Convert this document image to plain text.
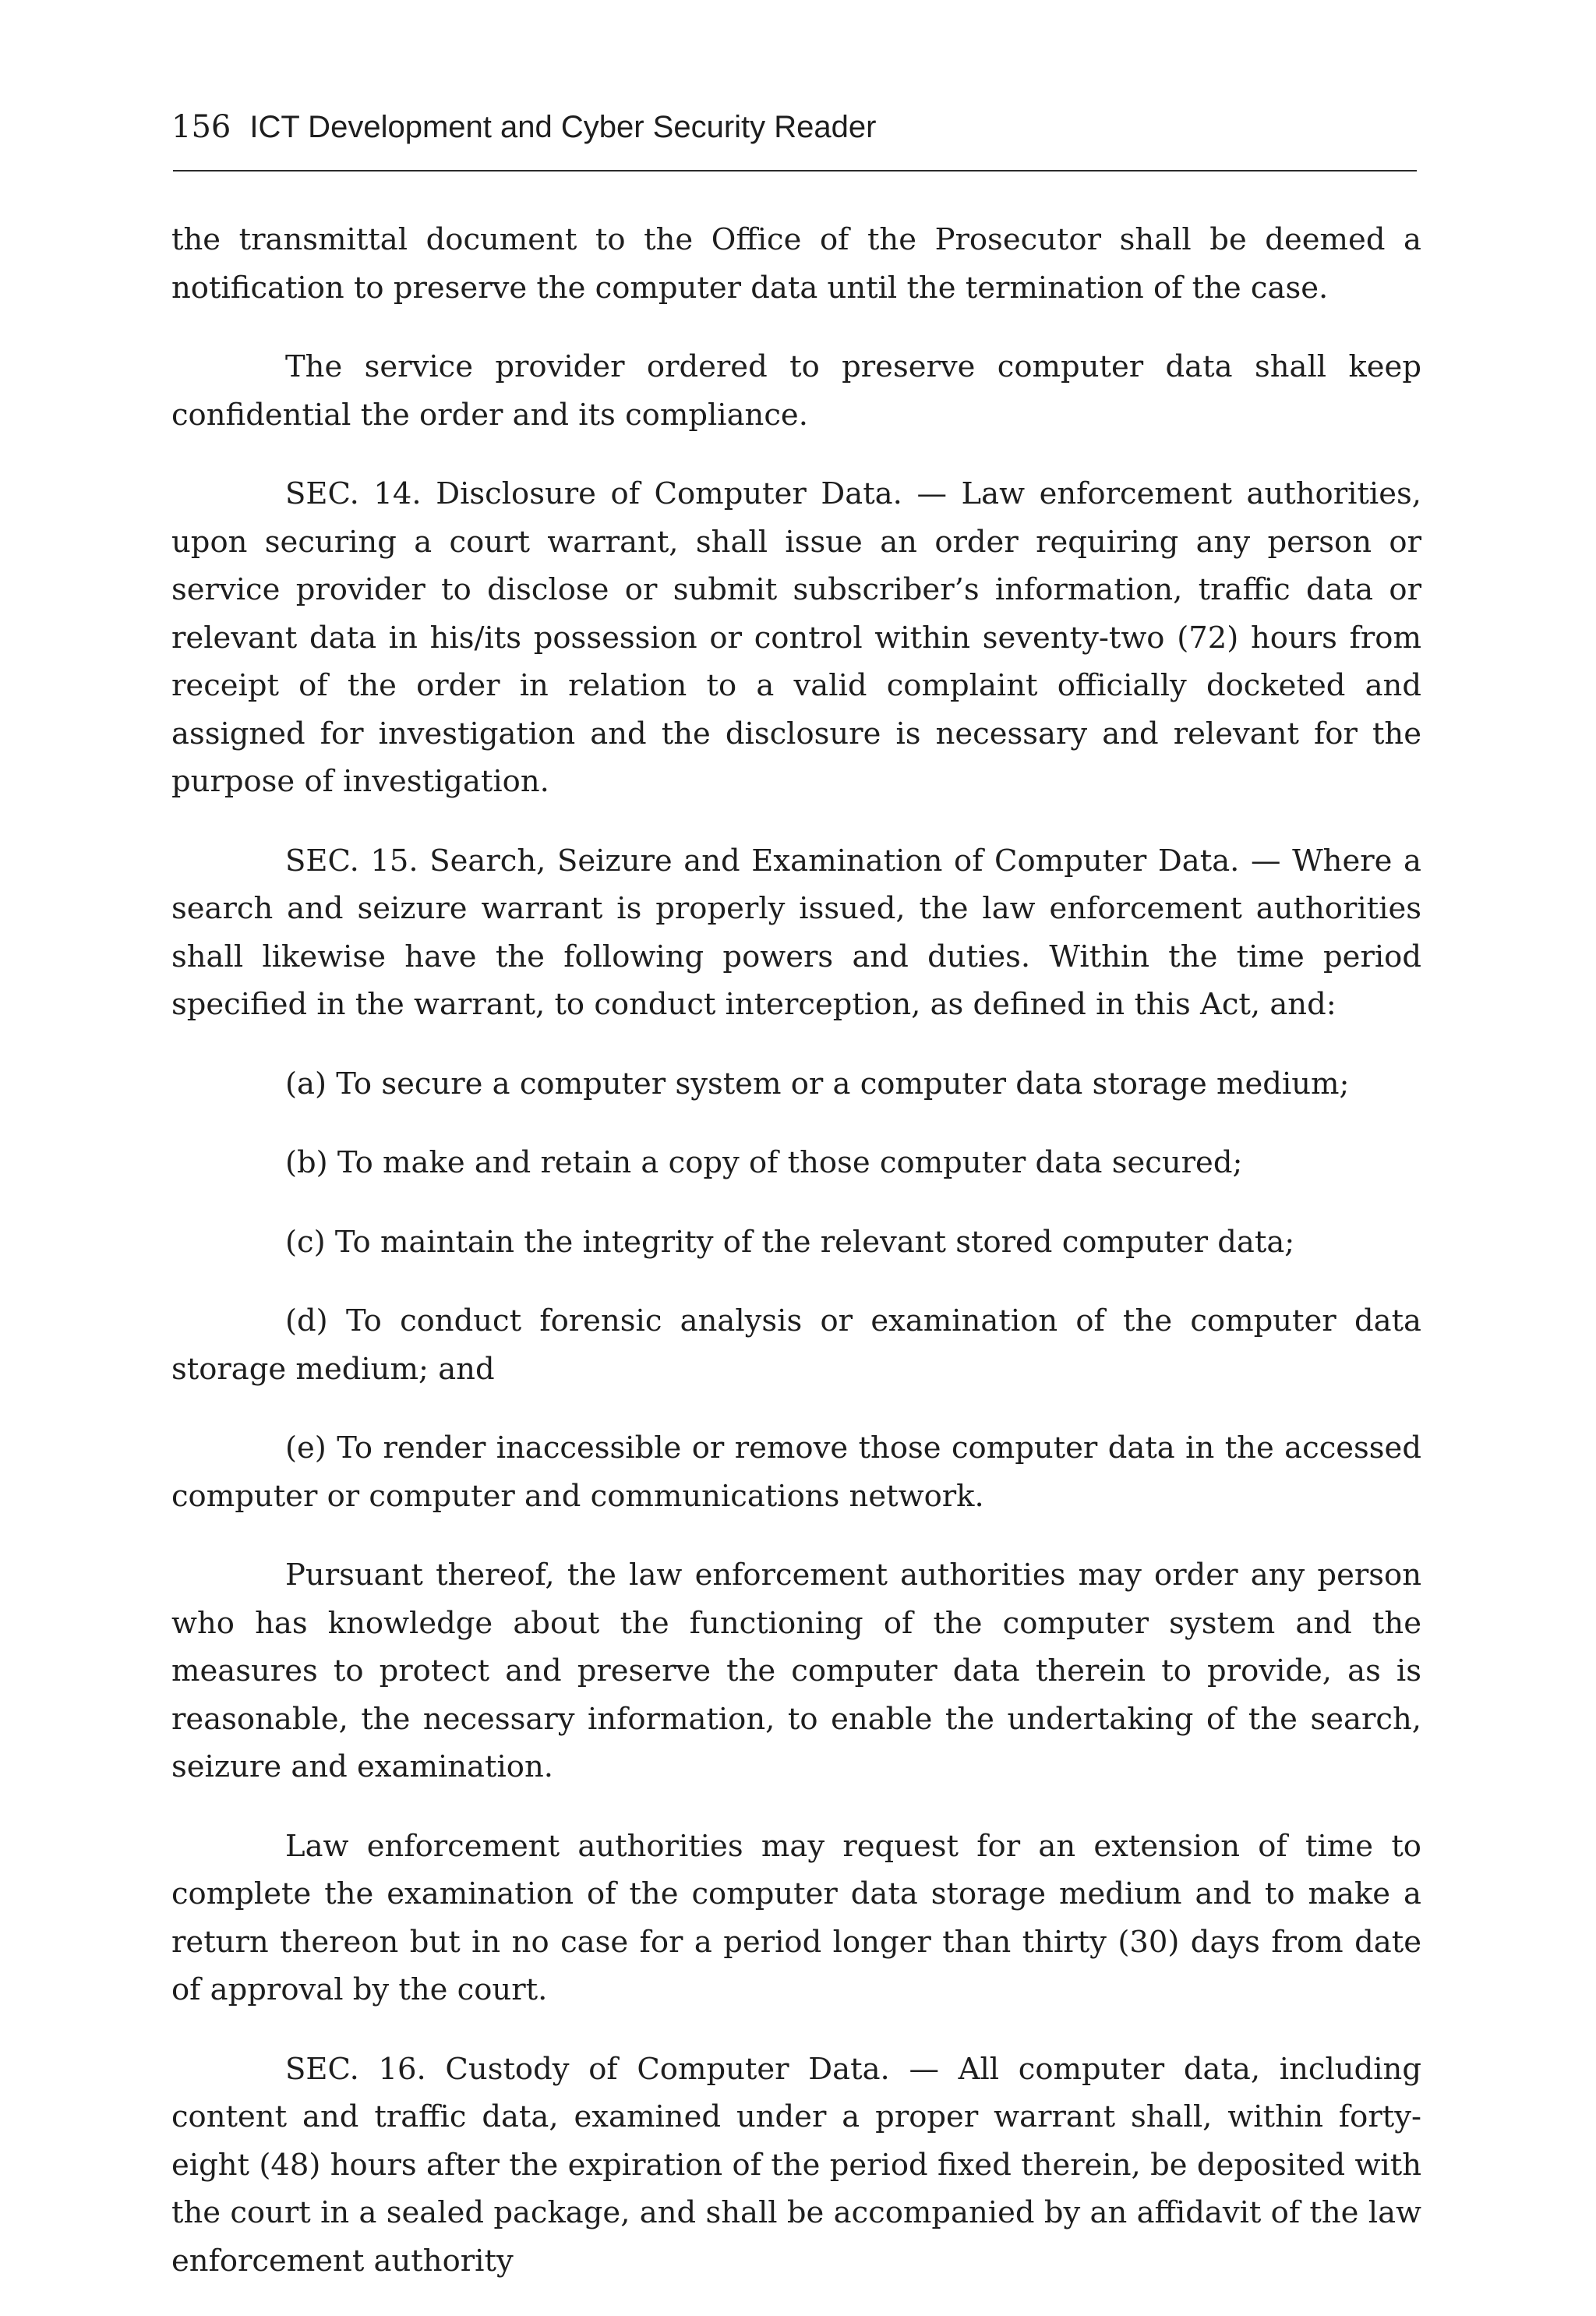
156 ICT Development and Cyber Security Reader

the transmittal document to the Office of the Prosecutor shall be deemed a notification to preserve the computer data until the termination of the case.

The service provider ordered to preserve computer data shall keep confidential the order and its compliance.

SEC. 14. Disclosure of Computer Data. — Law enforcement authorities, upon securing a court warrant, shall issue an order requiring any person or service provider to disclose or submit subscriber’s information, traffic data or relevant data in his/its possession or control within seventy-two (72) hours from receipt of the order in relation to a valid complaint officially docketed and assigned for investigation and the disclosure is necessary and relevant for the purpose of investigation.

SEC. 15. Search, Seizure and Examination of Computer Data. — Where a search and seizure warrant is properly issued, the law enforcement authorities shall likewise have the following powers and duties. Within the time period specified in the warrant, to conduct interception, as defined in this Act, and:

(a) To secure a computer system or a computer data storage medium;

(b) To make and retain a copy of those computer data secured;

(c) To maintain the integrity of the relevant stored computer data;

(d) To conduct forensic analysis or examination of the computer data storage medium; and

(e) To render inaccessible or remove those computer data in the accessed computer or computer and communications network.

Pursuant thereof, the law enforcement authorities may order any person who has knowledge about the functioning of the computer system and the measures to protect and preserve the computer data therein to provide, as is reasonable, the necessary information, to enable the undertaking of the search, seizure and examination.

Law enforcement authorities may request for an extension of time to complete the examination of the computer data storage medium and to make a return thereon but in no case for a period longer than thirty (30) days from date of approval by the court.

SEC. 16. Custody of Computer Data. — All computer data, including content and traffic data, examined under a proper warrant shall, within forty-eight (48) hours after the expiration of the period fixed therein, be deposited with the court in a sealed package, and shall be accompanied by an affidavit of the law enforcement authority
